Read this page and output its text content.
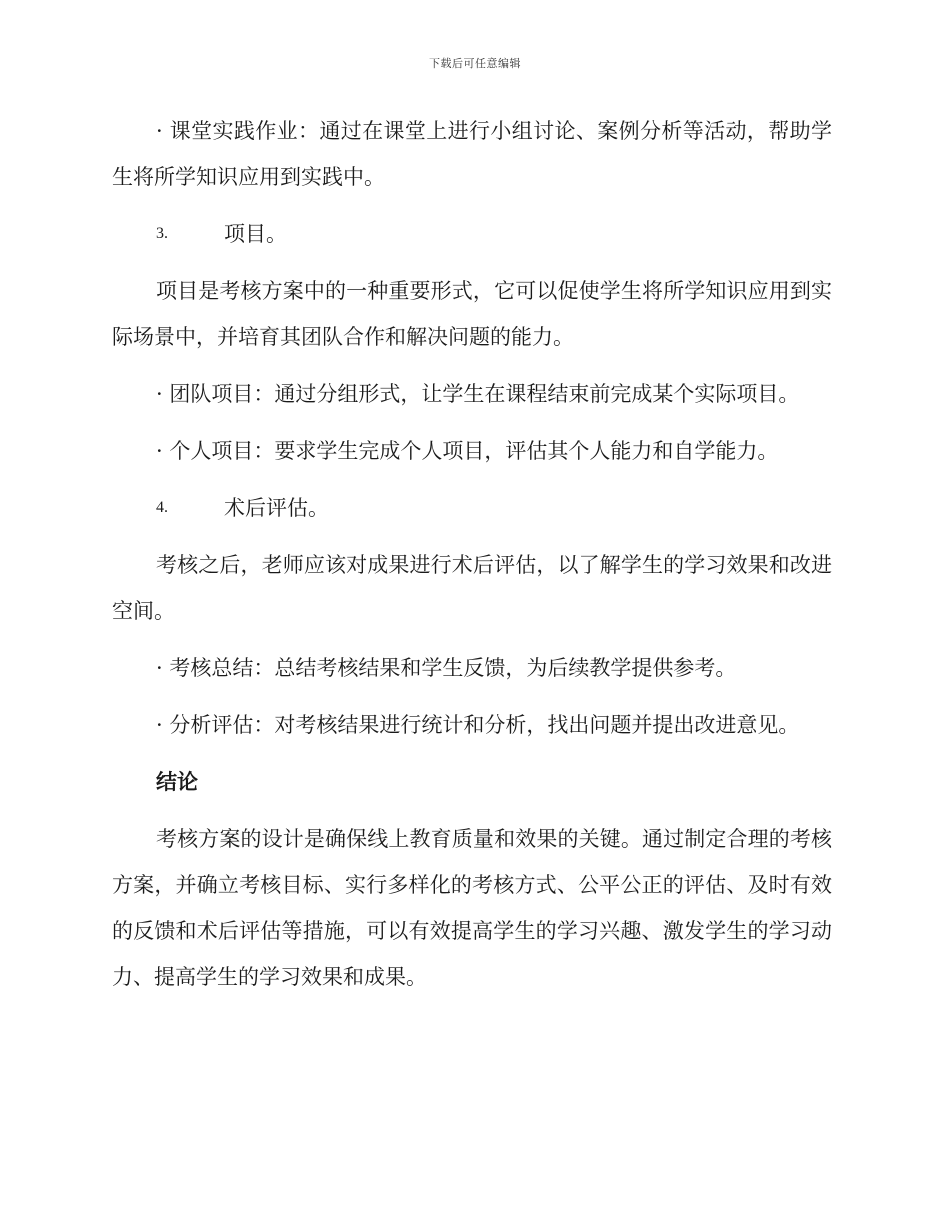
下载后可任意编辑

· 课堂实践作业：通过在课堂上进行小组讨论、案例分析等活动，帮助学生将所学知识应用到实践中。

3.	项目。

项目是考核方案中的一种重要形式，它可以促使学生将所学知识应用到实际场景中，并培育其团队合作和解决问题的能力。

· 团队项目：通过分组形式，让学生在课程结束前完成某个实际项目。

· 个人项目：要求学生完成个人项目，评估其个人能力和自学能力。

4.	术后评估。

考核之后，老师应该对成果进行术后评估，以了解学生的学习效果和改进空间。

· 考核总结：总结考核结果和学生反馈，为后续教学提供参考。

· 分析评估：对考核结果进行统计和分析，找出问题并提出改进意见。

结论

考核方案的设计是确保线上教育质量和效果的关键。通过制定合理的考核方案，并确立考核目标、实行多样化的考核方式、公平公正的评估、及时有效的反馈和术后评估等措施，可以有效提高学生的学习兴趣、激发学生的学习动力、提高学生的学习效果和成果。
